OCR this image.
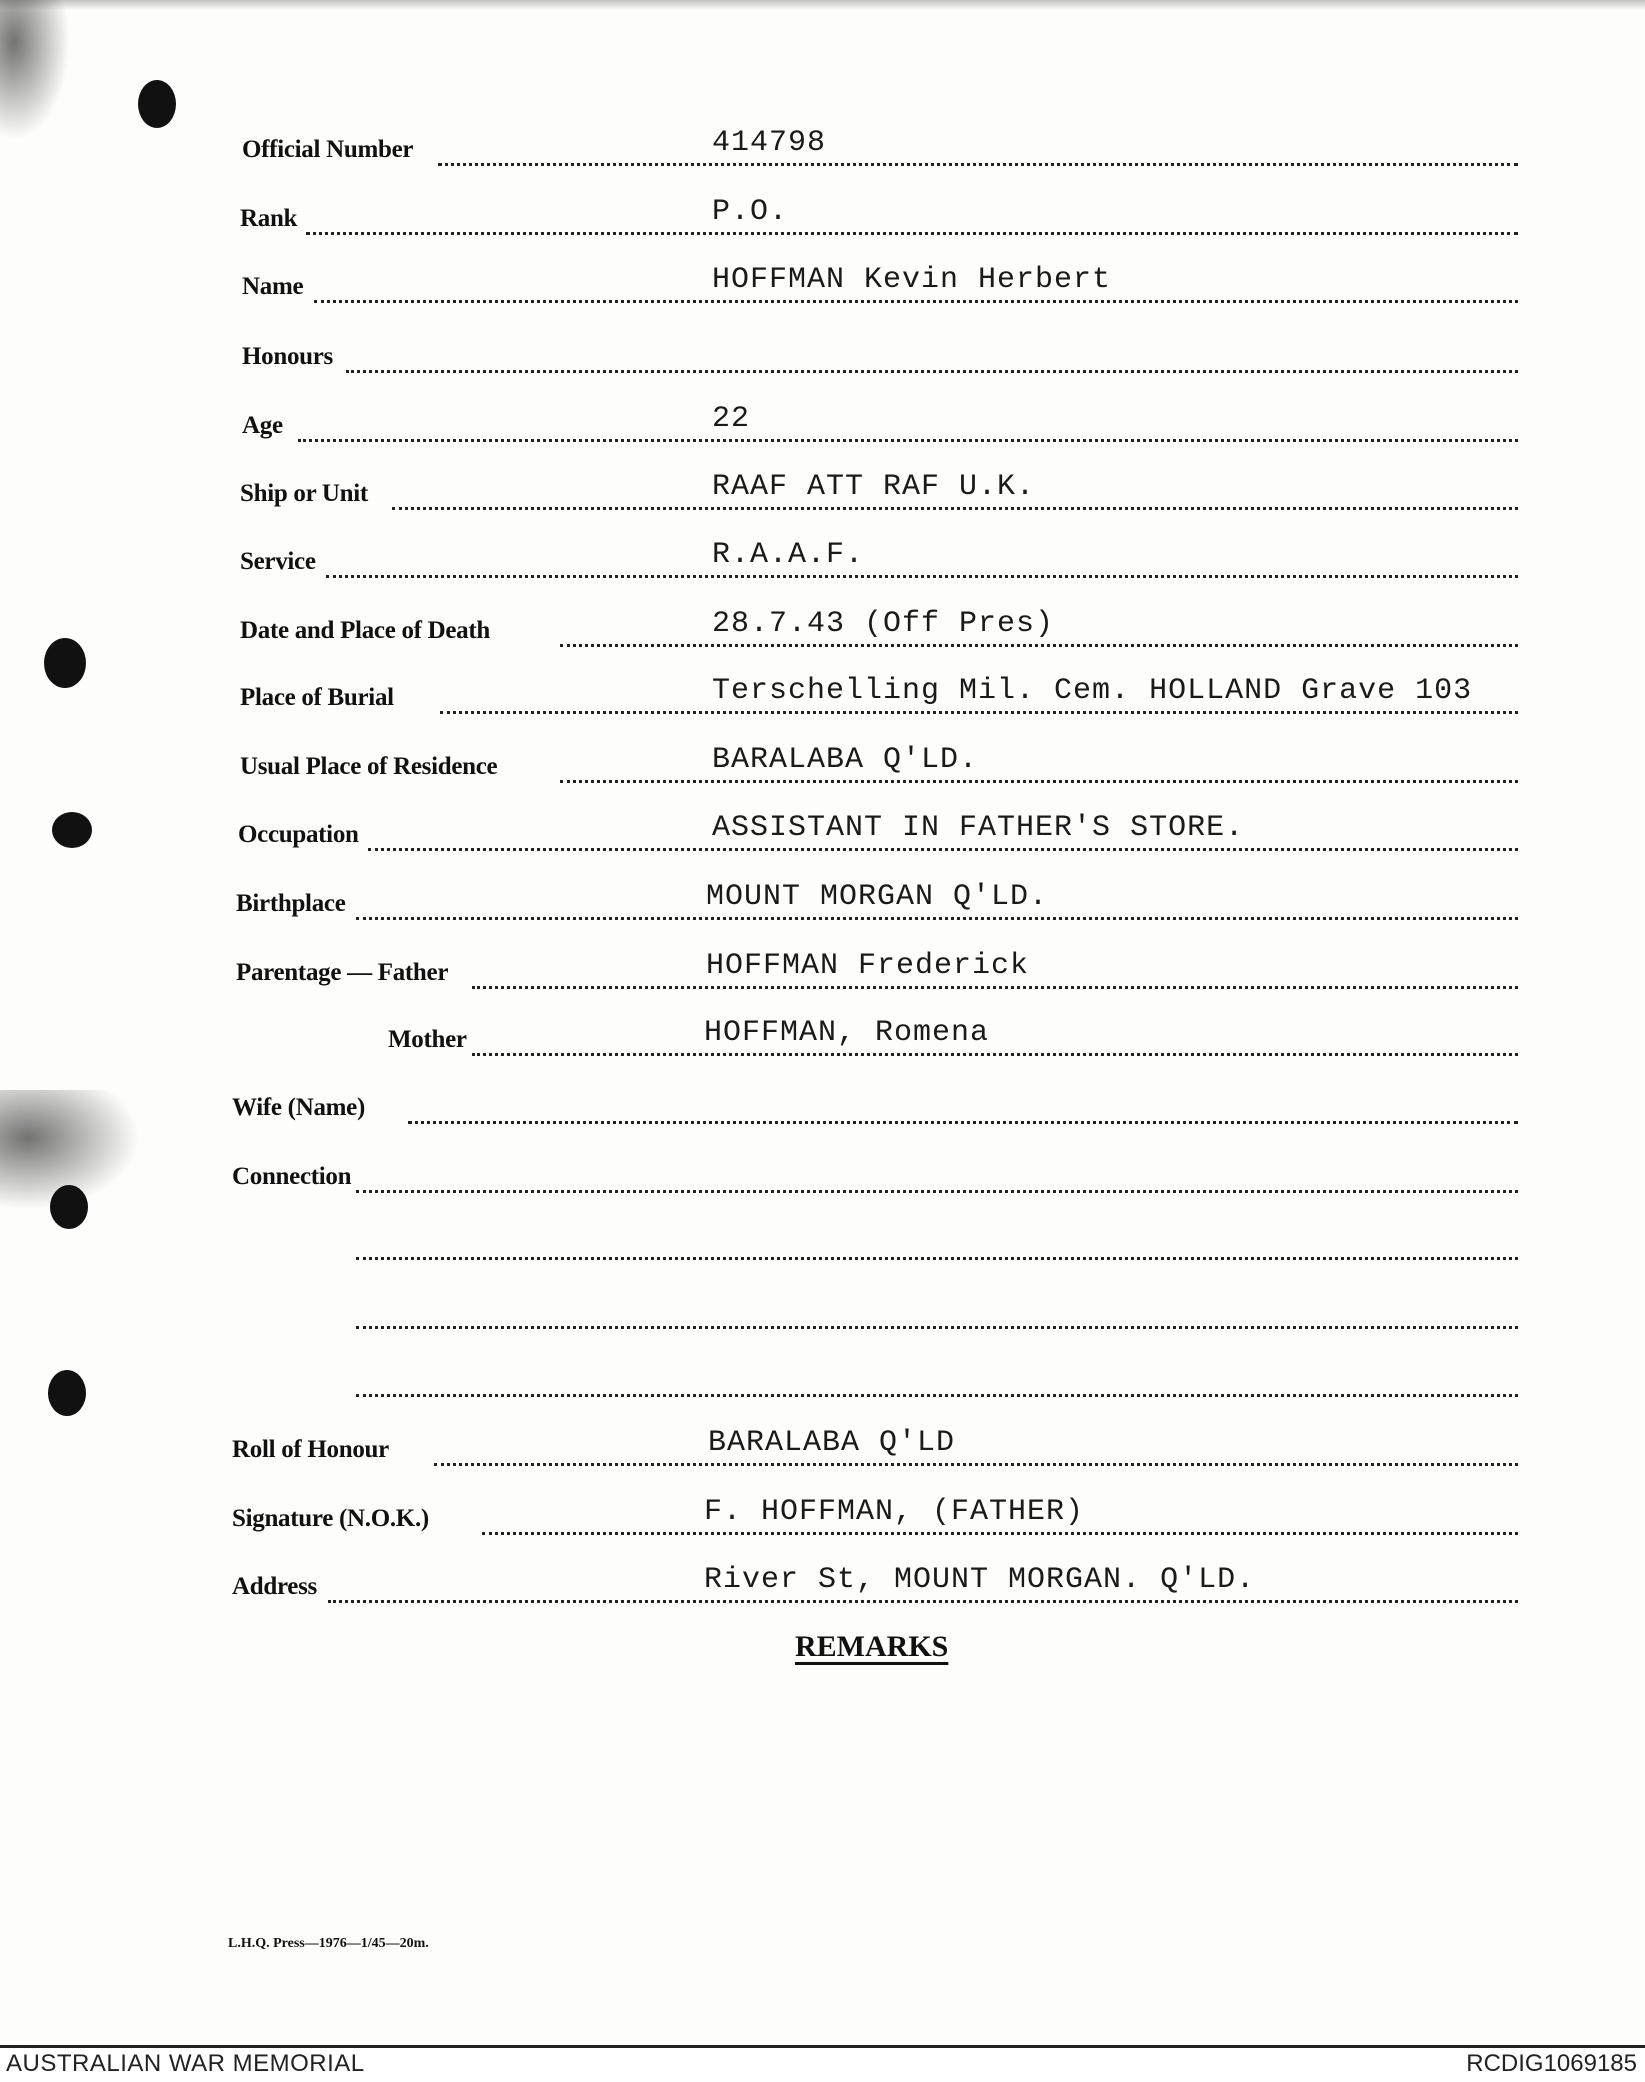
Official Number	414798
Rank	P.O.
Name	HOFFMAN Kevin Herbert
Honours
Age	22
Ship or Unit	RAAF ATT RAF U.K.
Service	R.A.A.F.
Date and Place of Death	28.7.43 (Off Pres)
Place of Burial	Terschelling Mil. Cem. HOLLAND Grave 103
Usual Place of Residence	BARALABA Q'LD.
Occupation	ASSISTANT IN FATHER'S STORE.
Birthplace	MOUNT MORGAN Q'LD.
Parentage — Father	HOFFMAN Frederick
Mother	HOFFMAN, Romena
Wife (Name)
Connection
Roll of Honour	BARALABA Q'LD
Signature (N.O.K.)	F. HOFFMAN, (FATHER)
Address	River St, MOUNT MORGAN. Q'LD.
REMARKS
L.H.Q. Press—1976—1/45—20m.
AUSTRALIAN WAR MEMORIAL	RCDIG1069185
